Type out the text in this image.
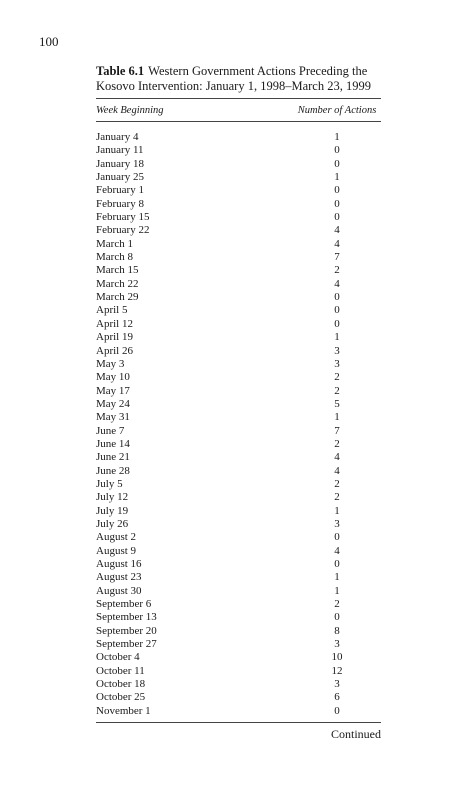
100

Table 6.1 Western Government Actions Preceding the Kosovo Intervention: January 1, 1998–March 23, 1999

Week Beginning	Number of Actions
January 4	1
January 11	0
January 18	0
January 25	1
February 1	0
February 8	0
February 15	0
February 22	4
March 1	4
March 8	7
March 15	2
March 22	4
March 29	0
April 5	0
April 12	0
April 19	1
April 26	3
May 3	3
May 10	2
May 17	2
May 24	5
May 31	1
June 7	7
June 14	2
June 21	4
June 28	4
July 5	2
July 12	2
July 19	1
July 26	3
August 2	0
August 9	4
August 16	0
August 23	1
August 30	1
September 6	2
September 13	0
September 20	8
September 27	3
October 4	10
October 11	12
October 18	3
October 25	6
November 1	0
Continued
